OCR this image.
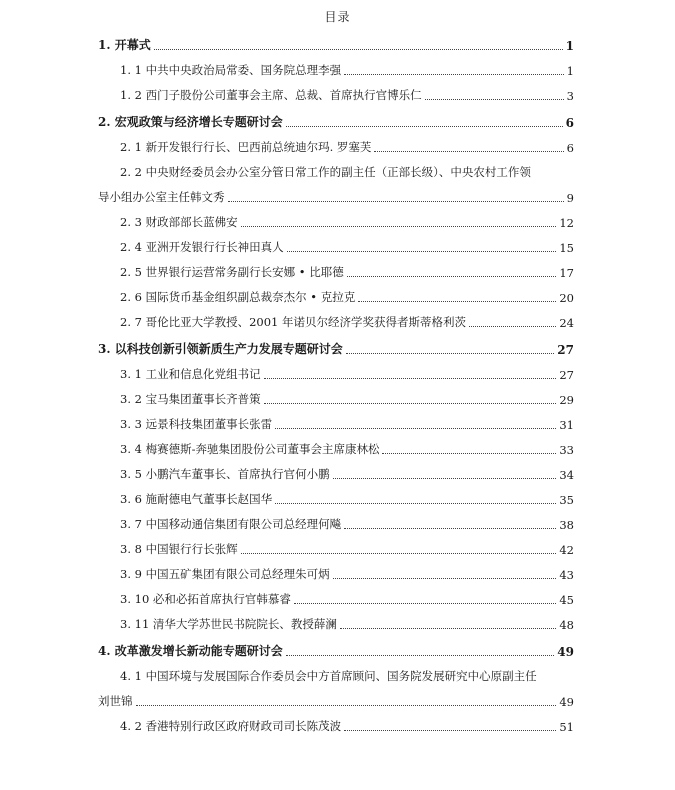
目录
1. 开幕式	1
1. 1 中共中央政治局常委、国务院总理李强	1
1. 2 西门子股份公司董事会主席、总裁、首席执行官博乐仁	3
2. 宏观政策与经济增长专题研讨会	6
2. 1 新开发银行行长、巴西前总统迪尔玛. 罗塞芙	6
2. 2 中央财经委员会办公室分管日常工作的副主任（正部长级）、中央农村工作领
导小组办公室主任韩文秀	9
2. 3 财政部部长蓝佛安	12
2. 4 亚洲开发银行行长神田真人	15
2. 5 世界银行运营常务副行长安娜 • 比耶德	17
2. 6 国际货币基金组织副总裁奈杰尔 • 克拉克	20
2. 7 哥伦比亚大学教授、2001 年诺贝尔经济学奖获得者斯蒂格利茨	24
3. 以科技创新引领新质生产力发展专题研讨会	27
3. 1 工业和信息化党组书记	27
3. 2 宝马集团董事长齐普策	29
3. 3 远景科技集团董事长张雷	31
3. 4 梅赛德斯-奔驰集团股份公司董事会主席康林松	33
3. 5 小鹏汽车董事长、首席执行官何小鹏	34
3. 6 施耐德电气董事长赵国华	35
3. 7 中国移动通信集团有限公司总经理何飚	38
3. 8 中国银行行长张辉	42
3. 9 中国五矿集团有限公司总经理朱可炳	43
3. 10 必和必拓首席执行官韩慕睿	45
3. 11 清华大学苏世民书院院长、教授薛澜	48
4. 改革激发增长新动能专题研讨会	49
4. 1 中国环境与发展国际合作委员会中方首席顾问、国务院发展研究中心原副主任
刘世锦	49
4. 2 香港特别行政区政府财政司司长陈茂波	51
